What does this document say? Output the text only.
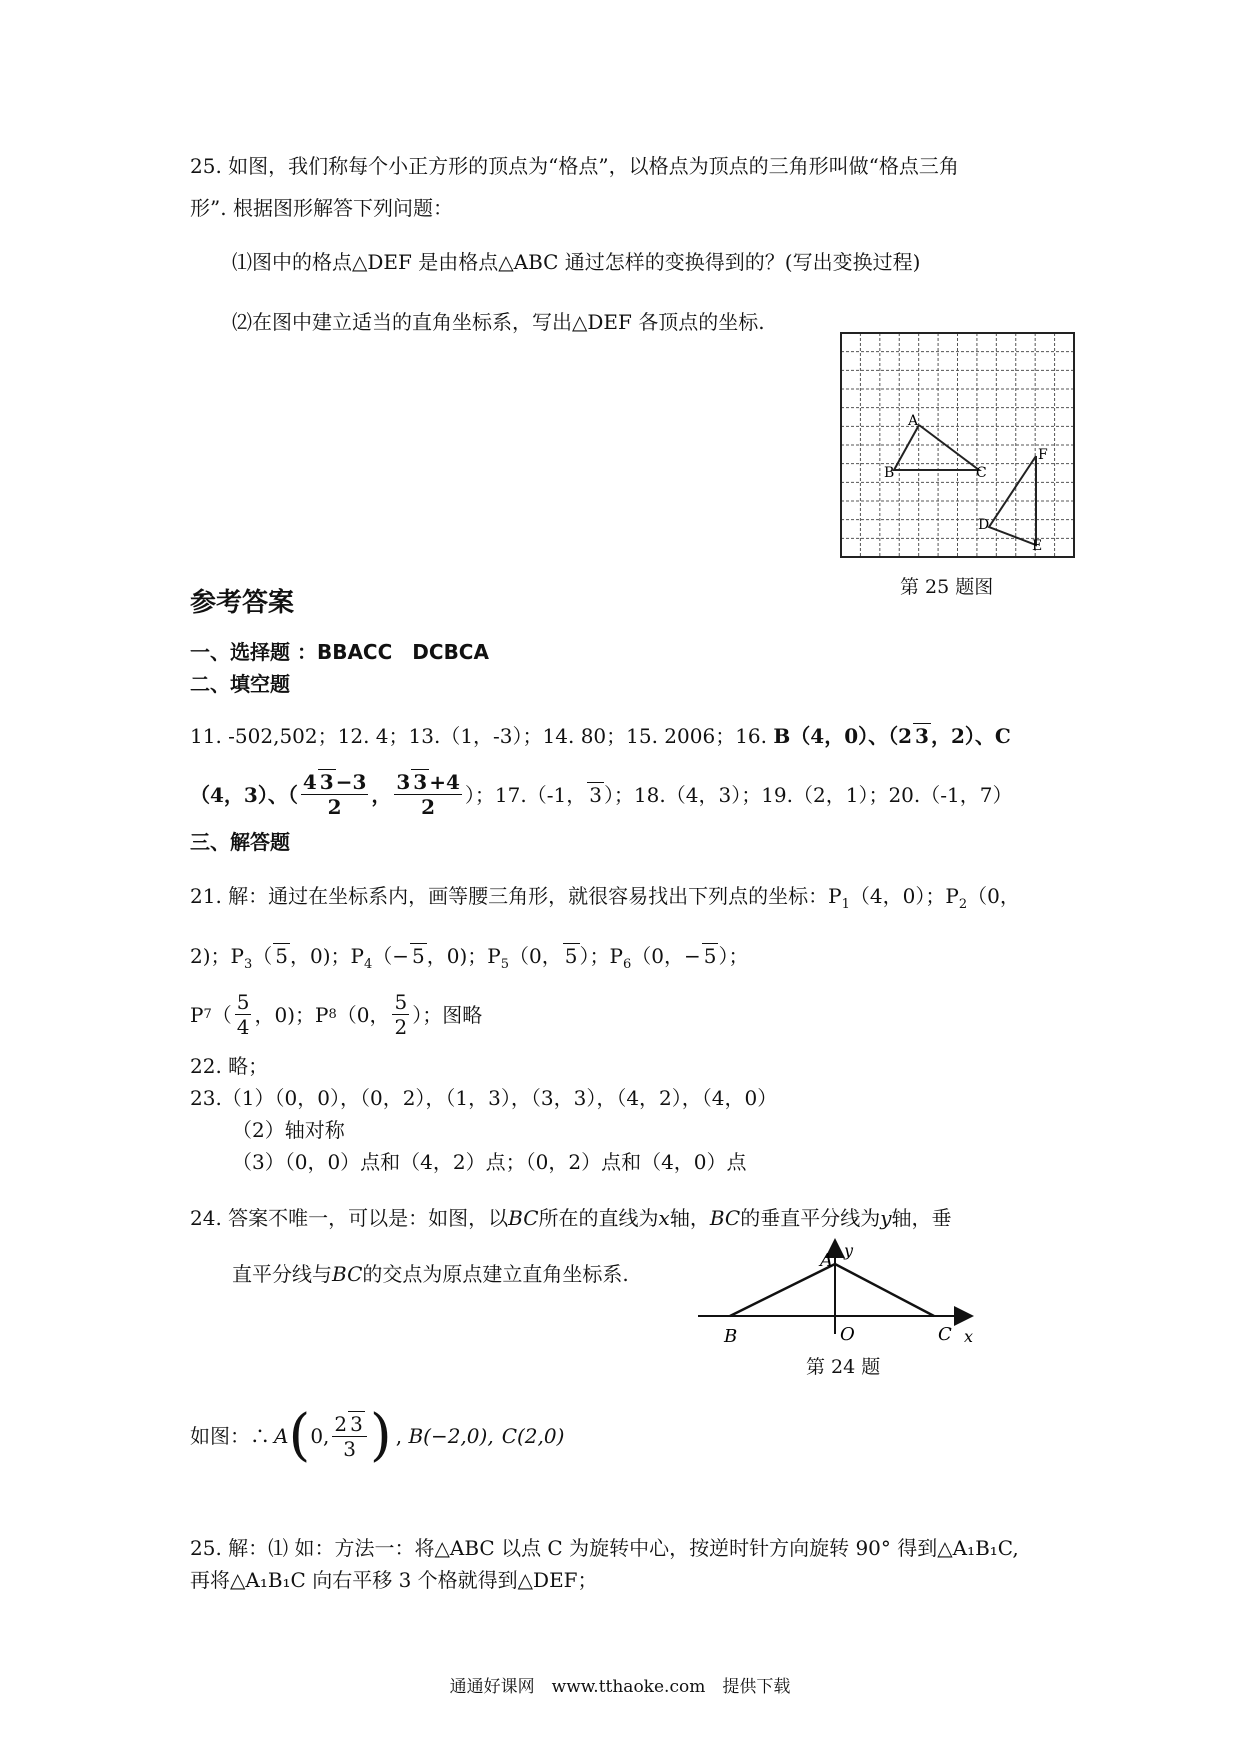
25. 如图，我们称每个小正方形的顶点为“格点”，以格点为顶点的三角形叫做“格点三角
形”. 根据图形解答下列问题：
⑴图中的格点△DEF 是由格点△ABC 通过怎样的变换得到的？(写出变换过程)
⑵在图中建立适当的直角坐标系，写出△DEF 各顶点的坐标.
A
B	C
F
D
E
第 25 题图
参考答案
一、选择题 ：BBACC　DCBCA
二、填空题
11. -502,502；12. 4；13.（1，-3）；14. 80；15. 2006；16. B（4，0）、（2 3 ，2）、C
（4，3）、（ $\frac{4 3 -3}{2}$ ， $\frac{3 3 +4}{2}$ ）；17.（-1， 3 ）；18.（4，3）；19.（2，1）；20.（-1，7）
三、解答题
21. 解：通过在坐标系内，画等腰三角形，就很容易找出下列点的坐标：$P_1(4$，0）；$P_2(0$，
2)；$P_3$（ 5 ，0)；$P_4(- 5$ ，0)；$P_5(0$， 5 ）；$P_6(0$，− 5 ）；
P 7 （ $\frac{5}{4}$ ，0)；P 8 （0， $\frac{5}{2}$ ）；图略
22. 略；
23.（1）（0，0），（0，2），（1，3），（3，3），（4，2），（4，0）
（2）轴对称
（3）（0，0）点和（4，2）点；（0，2）点和（4，0）点
24. 答案不唯一，可以是：如图，以BC所在的直线为x轴，BC的垂直平分线为y轴，垂
直平分线与BC的交点为原点建立直角坐标系.
A y
B	O	C x
第 24 题
如图：∴ A ( 0, $\frac{2 3}{3}$ ) , B(−2,0), C(2,0)
25. 解：⑴ 如：方法一：将△ABC 以点 C 为旋转中心，按逆时针方向旋转 90° 得到△A₁B₁C,
再将△A₁B₁C 向右平移 3 个格就得到△DEF；
通通好课网　www.tthaoke.com　提供下载
